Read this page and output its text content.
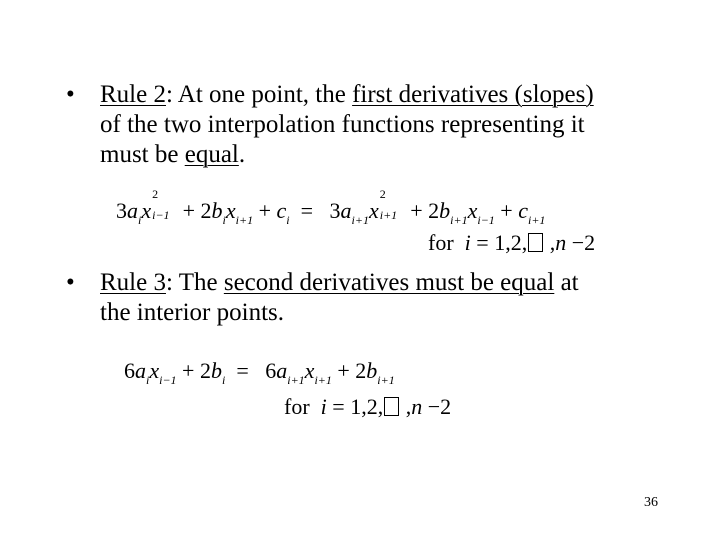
• Rule 2: At one point, the first derivatives (slopes)
of the two interpolation functions representing it
must be equal.
$3a_ix$
2
$i-1 + 2b_ix_{i+1} + c_i = 3a_{i+1}x$
2
$i+1 + 2b_{i+1}x_{i-1} + c_{i+1}$
for i = 1,2, ,n −2
• Rule 3: The second derivatives must be equal at
the interior points.
$6a_ix_{i-1} + 2b_i = 6a_{i+1}x_{i+1} + 2b_{i+1}$
for i = 1,2, ,n −2
36
